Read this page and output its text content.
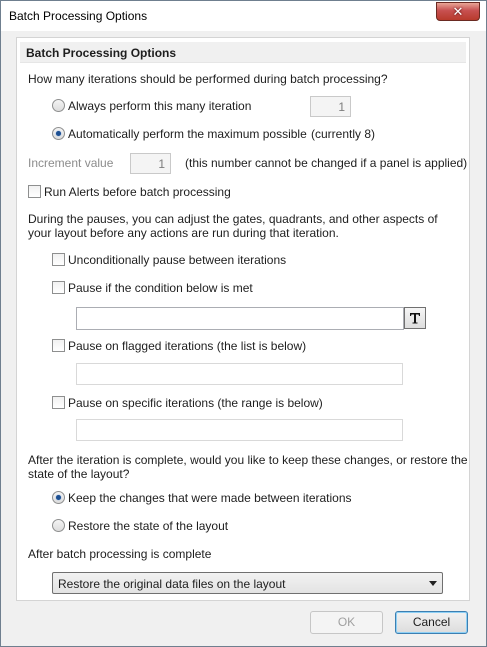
Batch Processing Options	✕
Batch Processing Options
How many iterations should be performed during batch processing?
Always perform this many iteration	1
Automatically perform the maximum possible (currently 8)
Increment value	1	(this number cannot be changed if a panel is applied)
Run Alerts before batch processing
During the pauses, you can adjust the gates, quadrants, and other aspects of
your layout before any actions are run during that iteration.
Unconditionally pause between iterations
Pause if the condition below is met
Pause on flagged iterations (the list is below)
Pause on specific iterations (the range is below)
After the iteration is complete, would you like to keep these changes, or restore the
state of the layout?
Keep the changes that were made between iterations
Restore the state of the layout
After batch processing is complete
Restore the original data files on the layout
OK	Cancel
